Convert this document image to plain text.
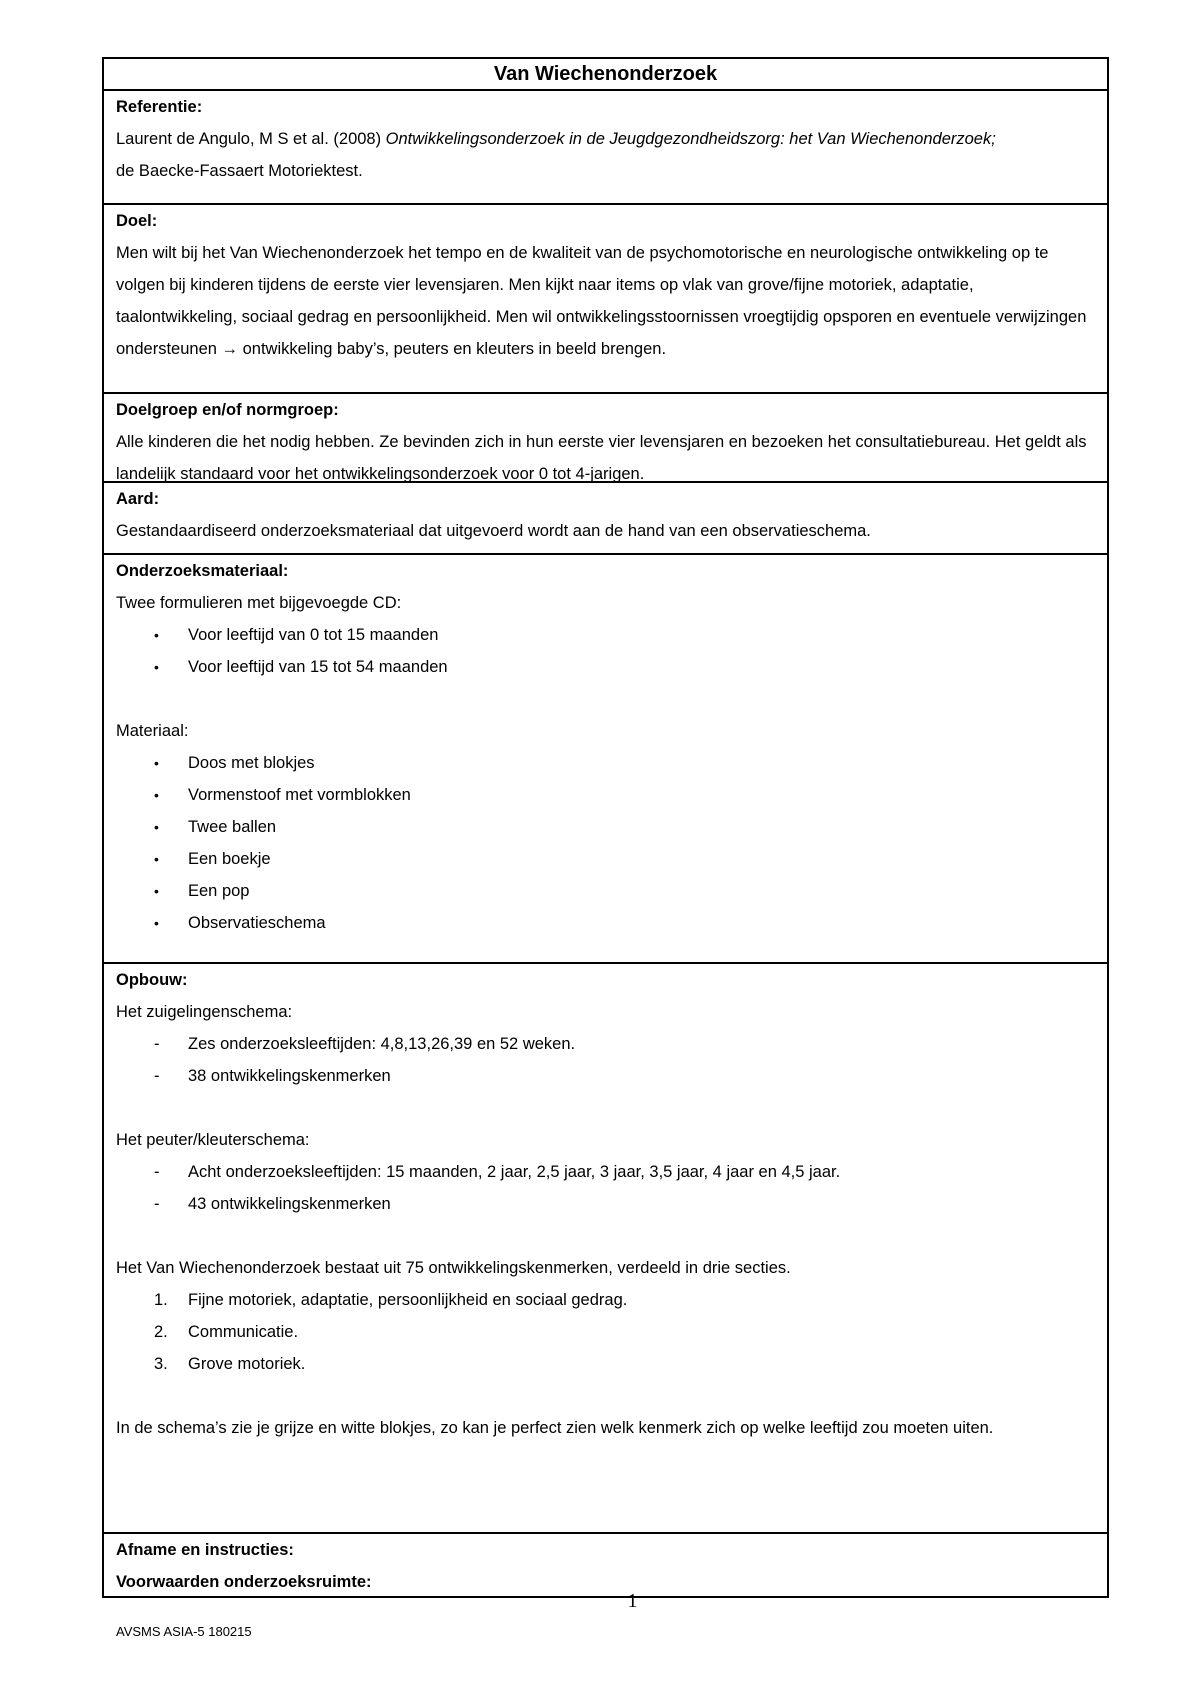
Van Wiechenonderzoek
Referentie:
Laurent de Angulo, M S et al. (2008) Ontwikkelingsonderzoek in de Jeugdgezondheidszorg: het Van Wiechenonderzoek;
de Baecke-Fassaert Motoriektest.
Doel:
Men wilt bij het Van Wiechenonderzoek het tempo en de kwaliteit van de psychomotorische en neurologische ontwikkeling op te volgen bij kinderen tijdens de eerste vier levensjaren. Men kijkt naar items op vlak van grove/fijne motoriek, adaptatie, taalontwikkeling, sociaal gedrag en persoonlijkheid. Men wil ontwikkelingsstoornissen vroegtijdig opsporen en eventuele verwijzingen ondersteunen → ontwikkeling baby’s, peuters en kleuters in beeld brengen.
Doelgroep en/of normgroep:
Alle kinderen die het nodig hebben. Ze bevinden zich in hun eerste vier levensjaren en bezoeken het consultatiebureau. Het geldt als landelijk standaard voor het ontwikkelingsonderzoek voor 0 tot 4-jarigen.
Aard:
Gestandaardiseerd onderzoeksmateriaal dat uitgevoerd wordt aan de hand van een observatieschema.
Onderzoeksmateriaal:
Twee formulieren met bijgevoegde CD:
• Voor leeftijd van 0 tot 15 maanden
• Voor leeftijd van 15 tot 54 maanden
Materiaal:
• Doos met blokjes
• Vormenstoof met vormblokken
• Twee ballen
• Een boekje
• Een pop
• Observatieschema
Opbouw:
Het zuigelingenschema:
- Zes onderzoeksleeftijden: 4,8,13,26,39 en 52 weken.
- 38 ontwikkelingskenmerken
Het peuter/kleuterschema:
- Acht onderzoeksleeftijden: 15 maanden, 2 jaar, 2,5 jaar, 3 jaar, 3,5 jaar, 4 jaar en 4,5 jaar.
- 43 ontwikkelingskenmerken
Het Van Wiechenonderzoek bestaat uit 75 ontwikkelingskenmerken, verdeeld in drie secties.
1. Fijne motoriek, adaptatie, persoonlijkheid en sociaal gedrag.
2. Communicatie.
3. Grove motoriek.
In de schema’s zie je grijze en witte blokjes, zo kan je perfect zien welk kenmerk zich op welke leeftijd zou moeten uiten.
Afname en instructies:
Voorwaarden onderzoeksruimte:
1
AVSMS ASIA-5 180215
